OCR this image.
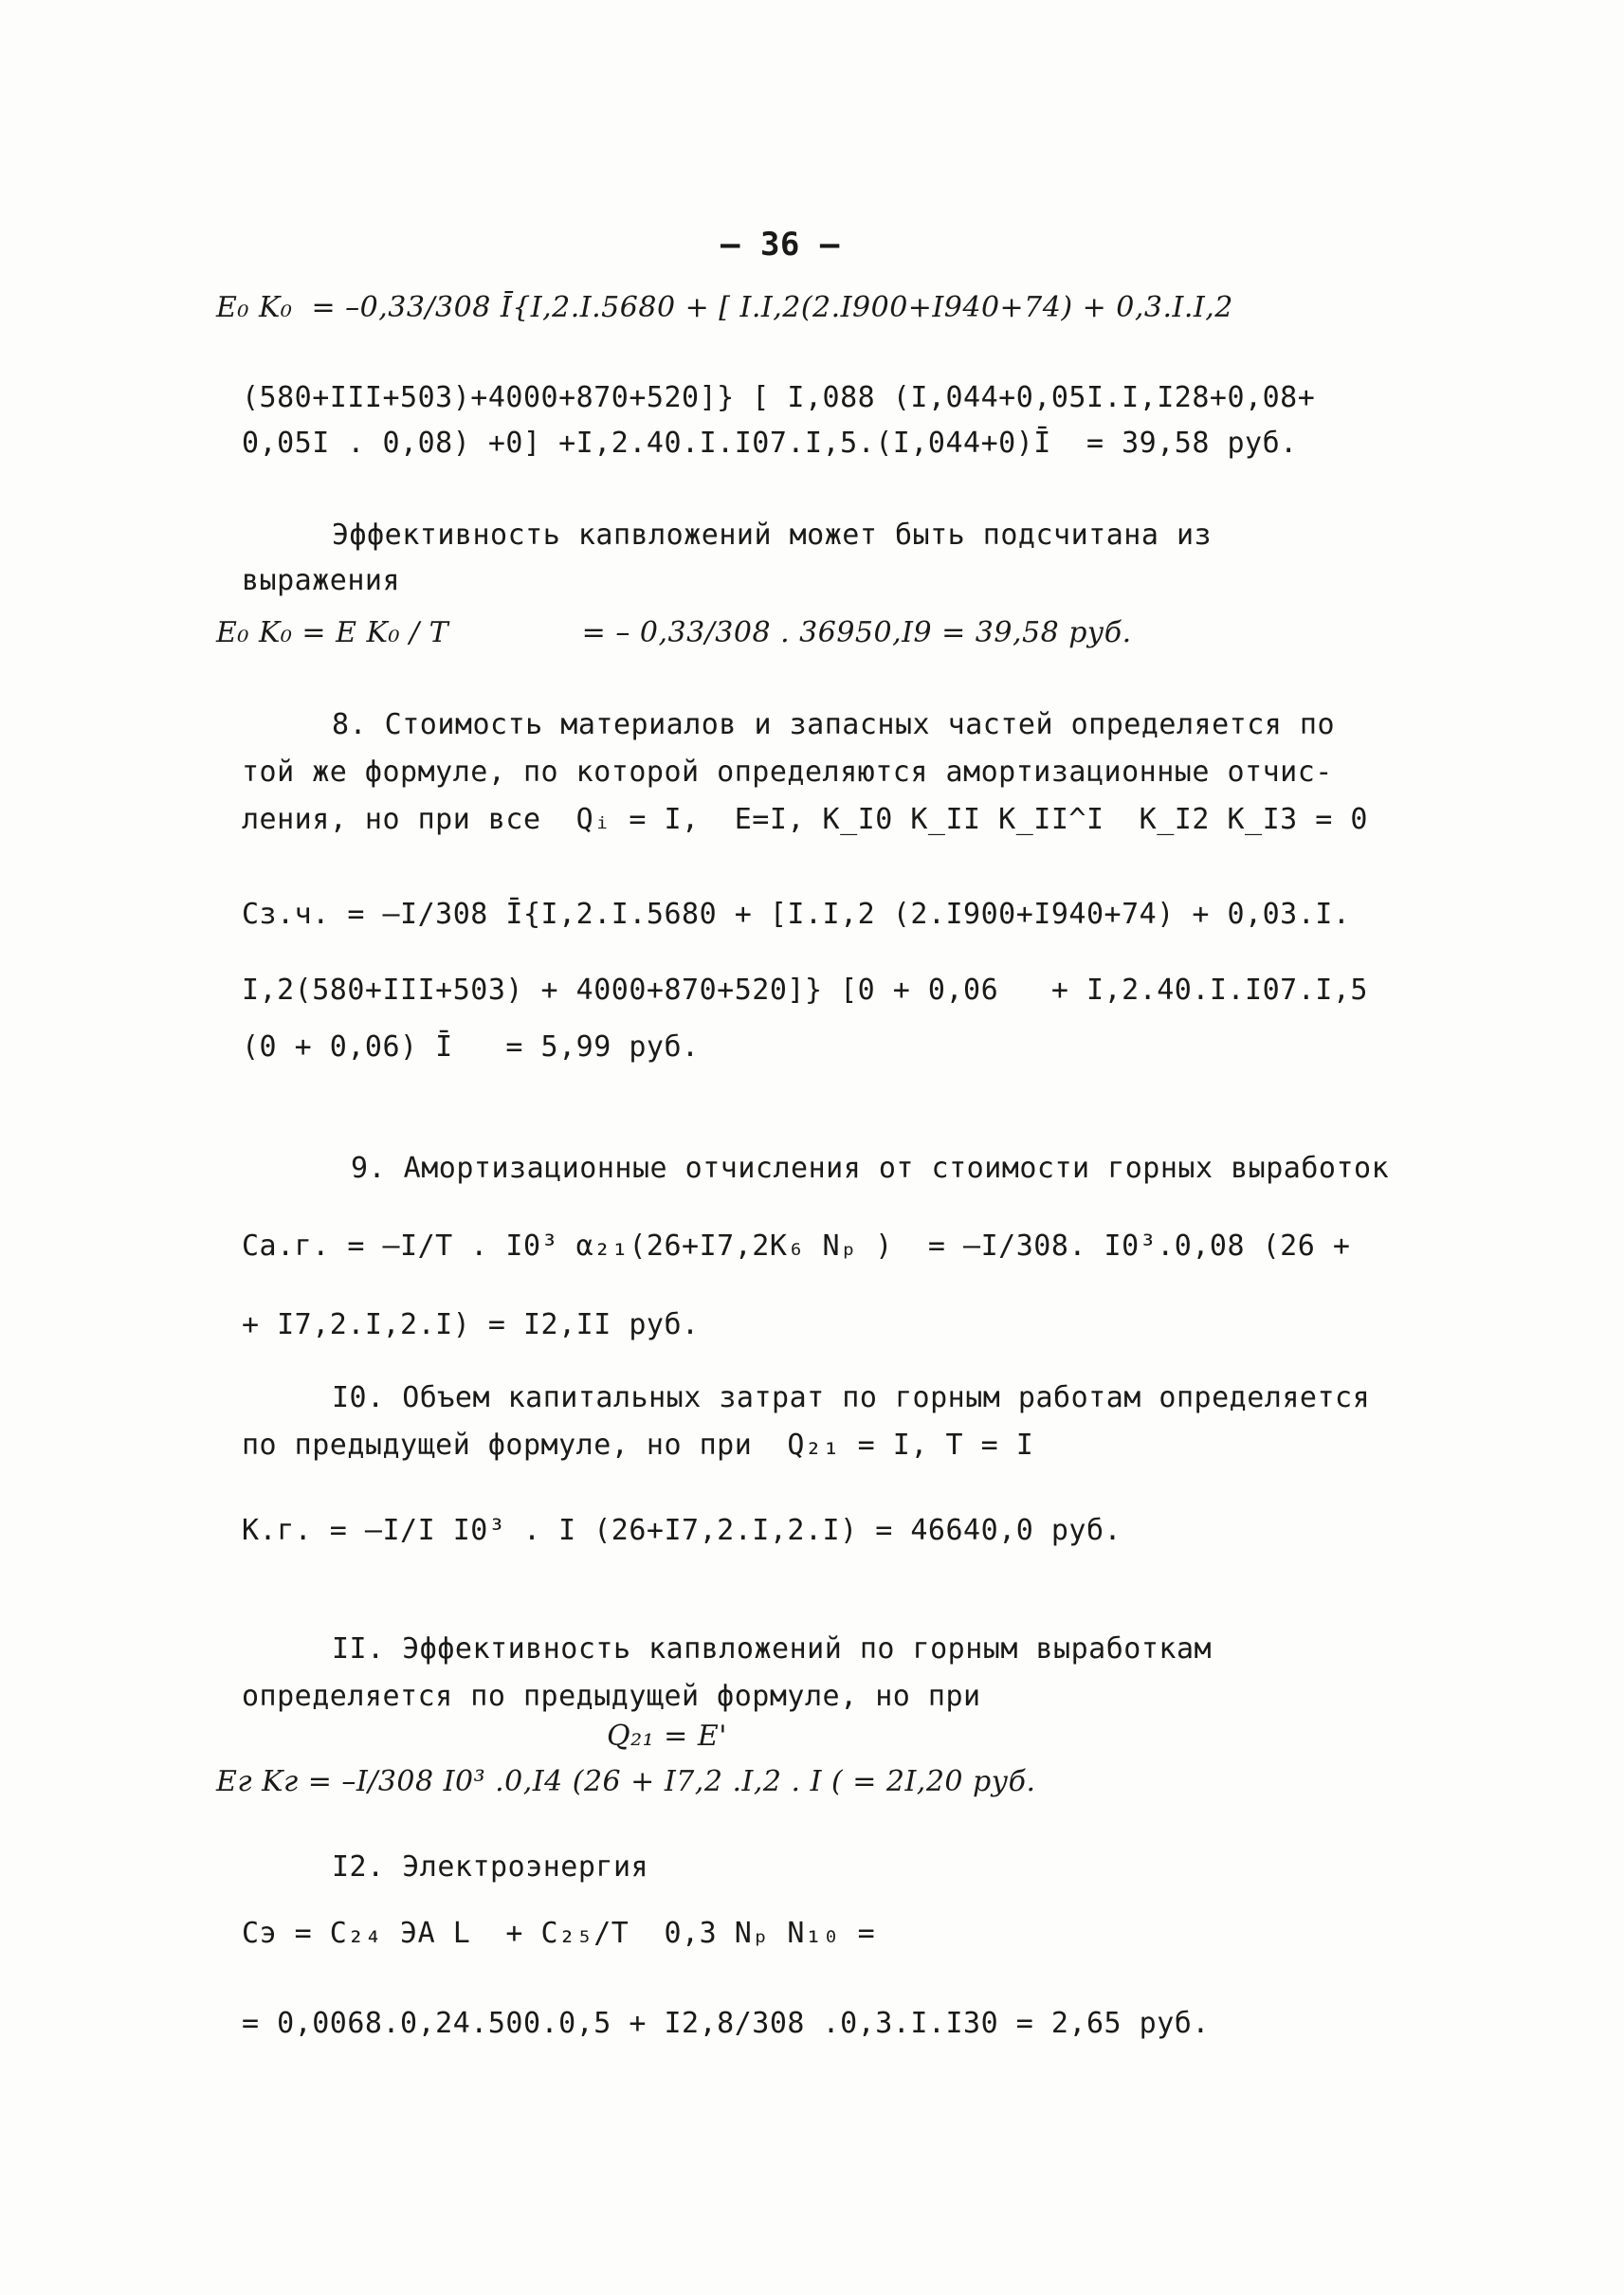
– 36 –
E₀ K₀  = –0,33/308 Ī{I,2.I.5680 + [ I.I,2(2.I900+I940+74) + 0,3.I.I,2
(580+III+503)+4000+870+520]} [ I,088 (I,044+0,05I.I,I28+0,08+
0,05I . 0,08) +0] +I,2.40.I.I07.I,5.(I,044+0)Ī  = 39,58 руб.
Эффективность капвложений может быть подсчитана из
выражения
E₀ K₀ = E K₀ / T              = – 0,33/308 . 36950,I9 = 39,58 руб.
8. Стоимость материалов и запасных частей определяется по
той же формуле, по которой определяются амортизационные отчис-
ления, но при все  Qᵢ = I,  E=I, K_I0 K_II K_II^I  K_I2 K_I3 = 0
Сз.ч. = –I/308 Ī{I,2.I.5680 + [I.I,2 (2.I900+I940+74) + 0,03.I.
I,2(580+III+503) + 4000+870+520]} [0 + 0,06   + I,2.40.I.I07.I,5
(0 + 0,06) Ī   = 5,99 руб.
9. Амортизационные отчисления от стоимости горных выработок
Са.г. = –I/T . I0³ α₂₁(26+I7,2K₆ Nₚ )  = –I/308. I0³.0,08 (26 +
+ I7,2.I,2.I) = I2,II руб.
I0. Объем капитальных затрат по горным работам определяется
по предыдущей формуле, но при  Q₂₁ = I, T = I
К.г. = –I/I I0³ . I (26+I7,2.I,2.I) = 46640,0 руб.
II. Эффективность капвложений по горным выработкам
определяется по предыдущей формуле, но при
Q₂₁ = E'
Eг Kг = –I/308 I0³ .0,I4 (26 + I7,2 .I,2 . I ( = 2I,20 руб.
I2. Электроэнергия
Сэ = C₂₄ ЭA L  + C₂₅/T  0,3 Nₚ N₁₀ =
= 0,0068.0,24.500.0,5 + I2,8/308 .0,3.I.I30 = 2,65 руб.
